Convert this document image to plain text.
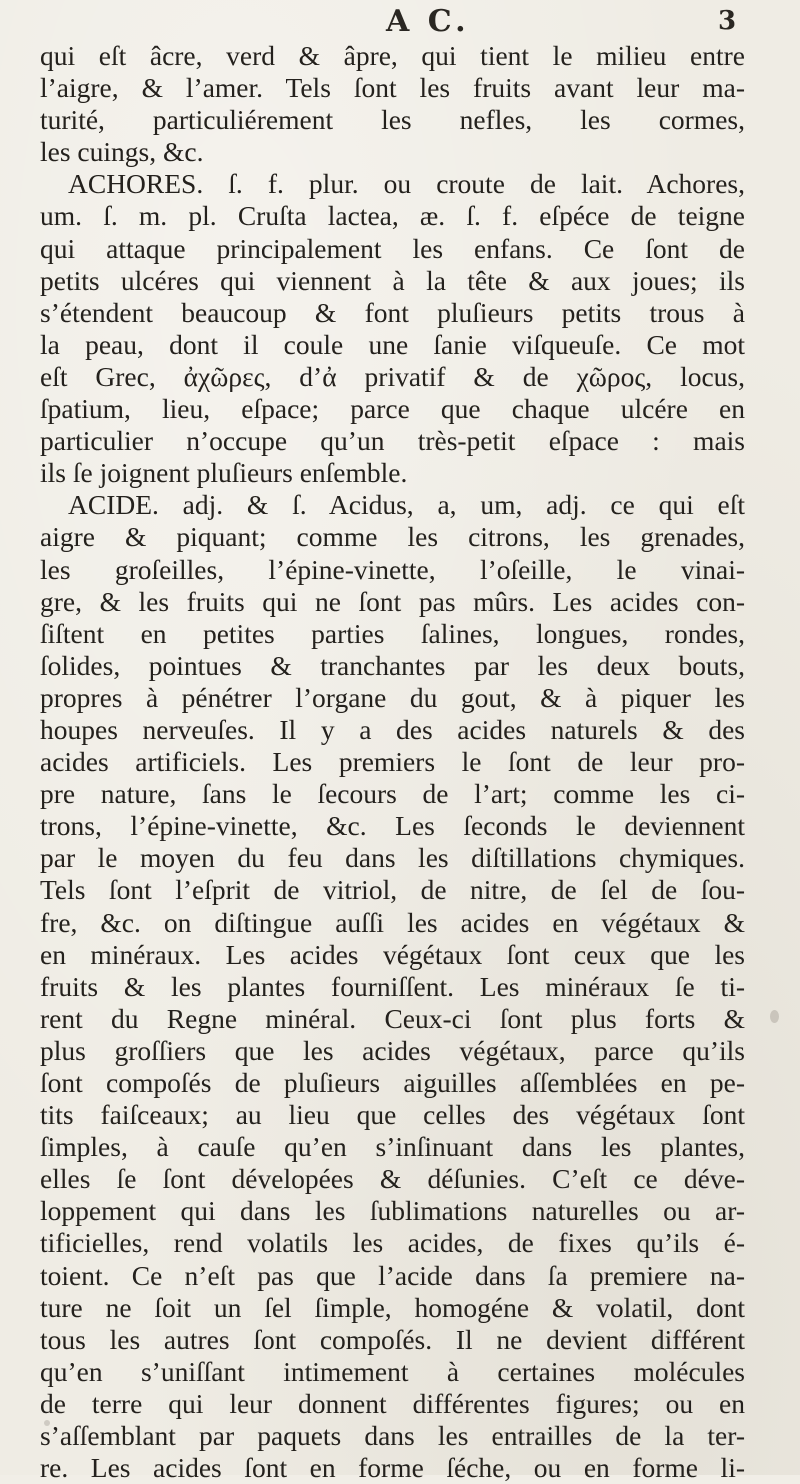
A C.	3
qui eſt âcre, verd & âpre, qui tient le milieu entre
l’aigre, & l’amer. Tels ſont les fruits avant leur ma-
turité, particuliérement les nefles, les cormes,
les cuings, &c.
ACHORES. ſ. f. plur. ou croute de lait. Achores,
um. ſ. m. pl. Cruſta lactea, æ. ſ. f. eſpéce de teigne
qui attaque principalement les enfans. Ce ſont de
petits ulcéres qui viennent à la tête & aux joues; ils
s’étendent beaucoup & font pluſieurs petits trous à
la peau, dont il coule une ſanie viſqueuſe. Ce mot
eſt Grec, ἀχῶρες, d’ἀ privatif & de χῶρος, locus,
ſpatium, lieu, eſpace; parce que chaque ulcére en
particulier n’occupe qu’un très-petit eſpace : mais
ils ſe joignent pluſieurs enſemble.
ACIDE. adj. & ſ. Acidus, a, um, adj. ce qui eſt
aigre & piquant; comme les citrons, les grenades,
les groſeilles, l’épine-vinette, l’oſeille, le vinai-
gre, & les fruits qui ne ſont pas mûrs. Les acides con-
ſiſtent en petites parties ſalines, longues, rondes,
ſolides, pointues & tranchantes par les deux bouts,
propres à pénétrer l’organe du gout, & à piquer les
houpes nerveuſes. Il y a des acides naturels & des
acides artificiels. Les premiers le ſont de leur pro-
pre nature, ſans le ſecours de l’art; comme les ci-
trons, l’épine-vinette, &c. Les ſeconds le deviennent
par le moyen du feu dans les diſtillations chymiques.
Tels ſont l’eſprit de vitriol, de nitre, de ſel de ſou-
fre, &c. on diſtingue auſſi les acides en végétaux &
en minéraux. Les acides végétaux ſont ceux que les
fruits & les plantes fourniſſent. Les minéraux ſe ti-
rent du Regne minéral. Ceux-ci ſont plus forts &
plus groſſiers que les acides végétaux, parce qu’ils
ſont compoſés de pluſieurs aiguilles aſſemblées en pe-
tits faiſceaux; au lieu que celles des végétaux ſont
ſimples, à cauſe qu’en s’inſinuant dans les plantes,
elles ſe ſont dévelopées & déſunies. C’eſt ce déve-
loppement qui dans les ſublimations naturelles ou ar-
tificielles, rend volatils les acides, de fixes qu’ils é-
toient. Ce n’eſt pas que l’acide dans ſa premiere na-
ture ne ſoit un ſel ſimple, homogéne & volatil, dont
tous les autres ſont compoſés. Il ne devient différent
qu’en s’uniſſant intimement à certaines molécules
de terre qui leur donnent différentes figures; ou en
s’aſſemblant par paquets dans les entrailles de la ter-
re. Les acides ſont en forme ſéche, ou en forme li-
